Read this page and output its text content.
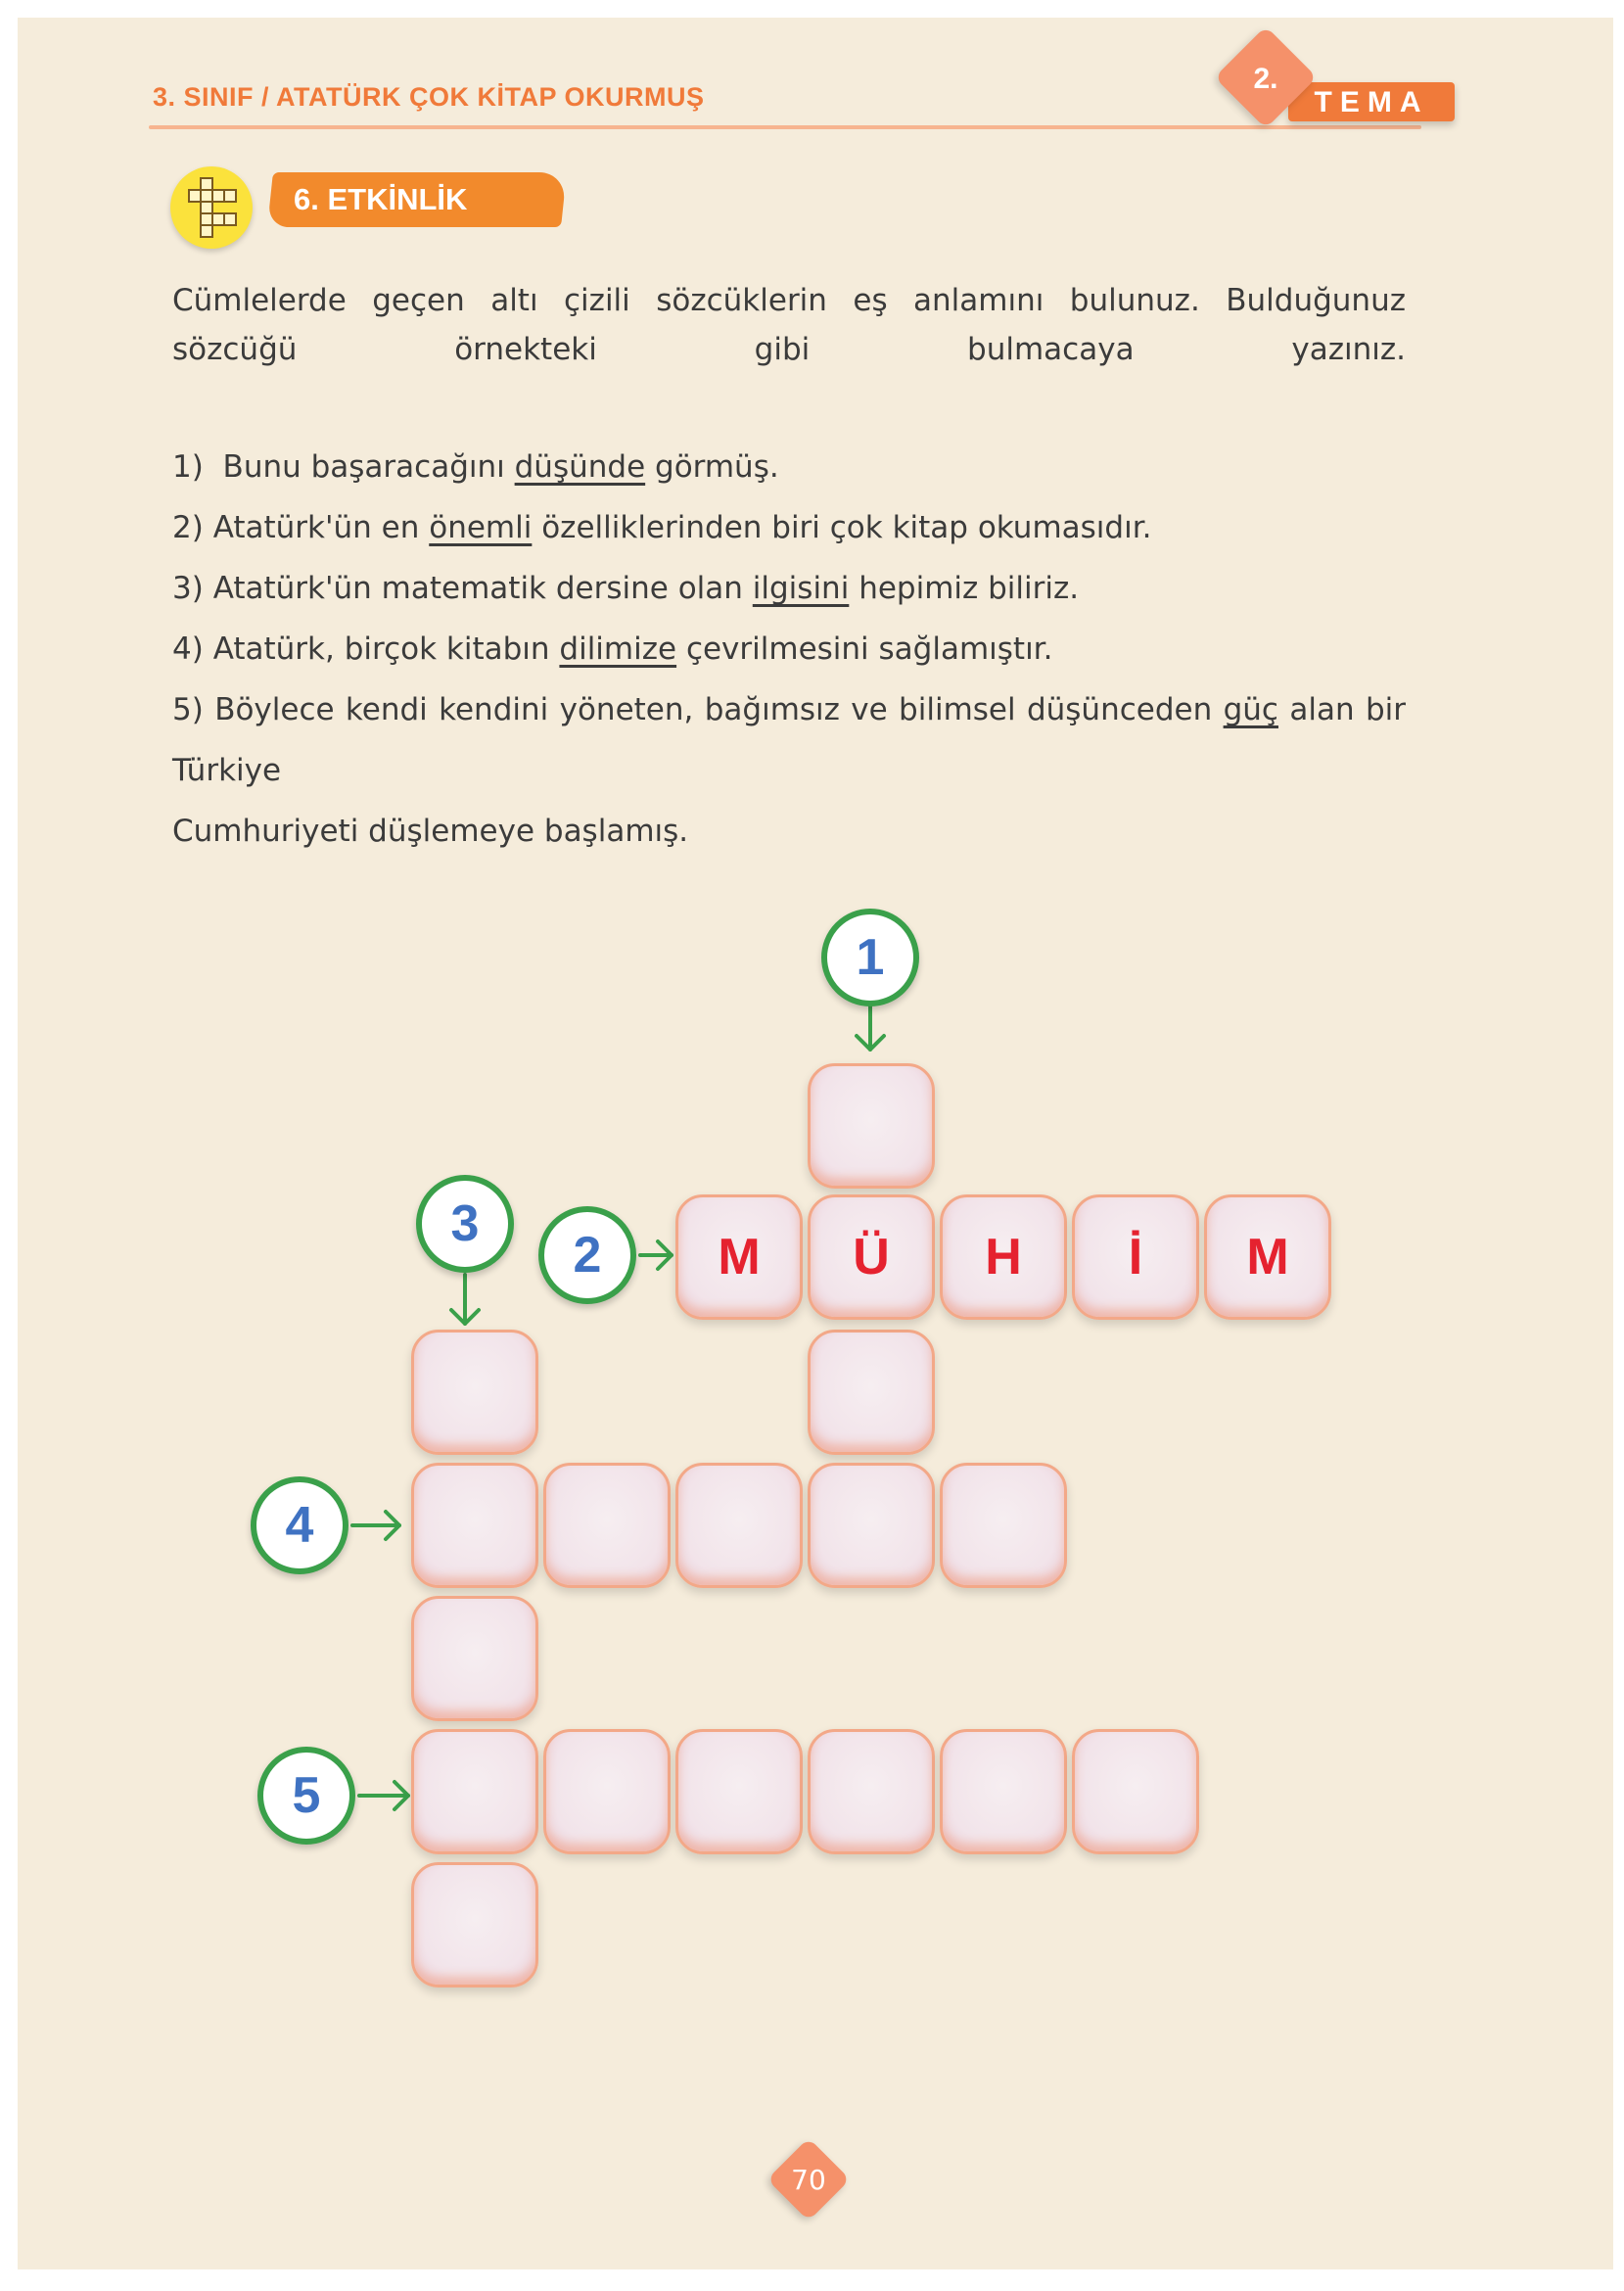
3. SINIF / ATATÜRK ÇOK KİTAP OKURMUŞ	TEMA
2.
6. ETKİNLİK
Cümlelerde geçen altı çizili sözcüklerin eş anlamını bulunuz. Bulduğunuz sözcüğü örnekteki gibi bulmacaya yazınız.
1) Bunu başaracağını düşünde görmüş.
2) Atatürk'ün en önemli özelliklerinden biri çok kitap okumasıdır.
3) Atatürk'ün matematik dersine olan ilgisini hepimiz biliriz.
4) Atatürk, birçok kitabın dilimize çevrilmesini sağlamıştır.
5) Böylece kendi kendini yöneten, bağımsız ve bilimsel düşünceden güç alan bir Türkiye
Cumhuriyeti düşlemeye başlamış.
1
2
3
4
5
M	Ü	H	İ	M
70
